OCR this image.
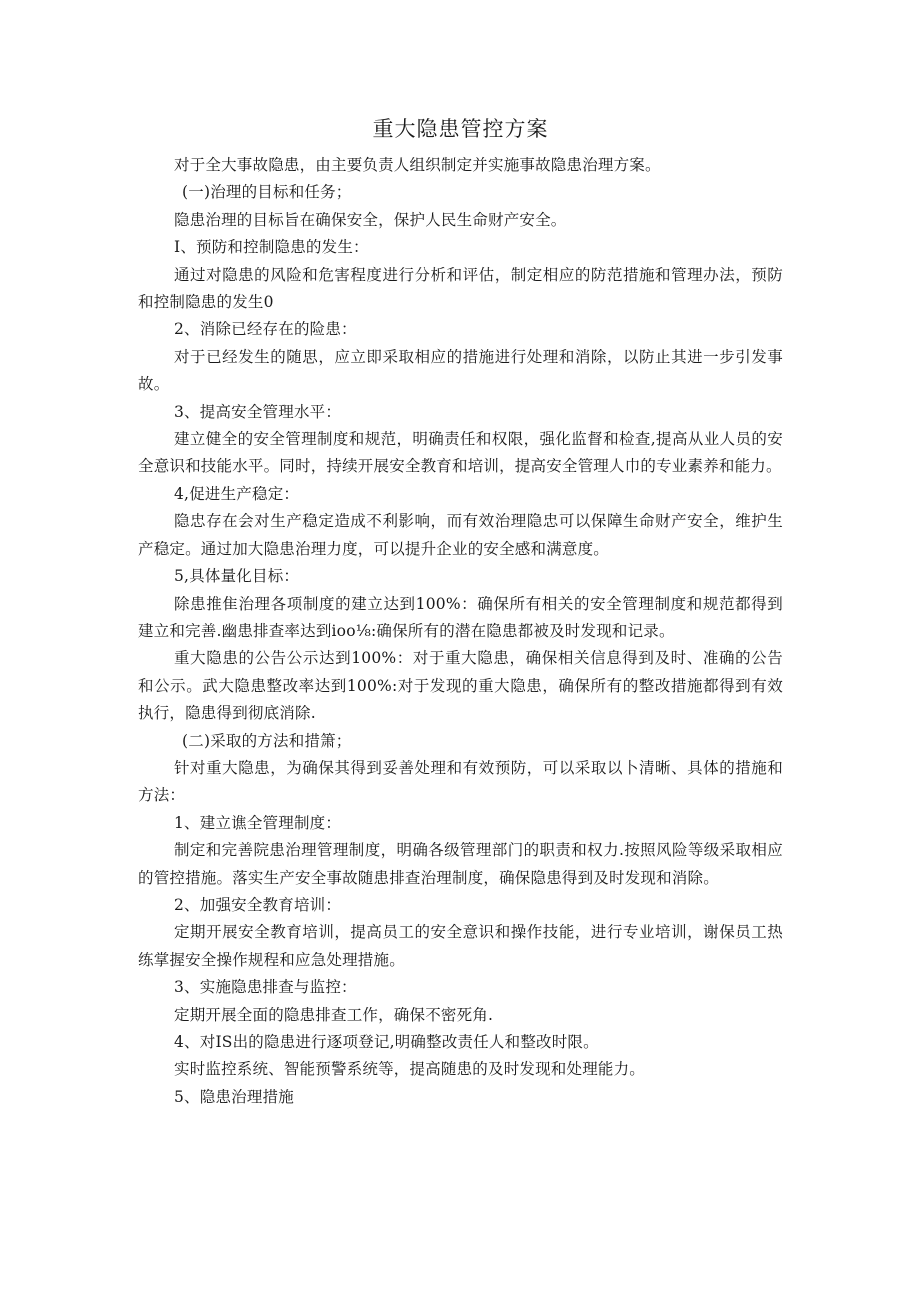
重大隐患管控方案

对于全大事故隐患，由主要负责人组织制定并实施事故隐患治理方案。

(一)治理的目标和任务；

隐患治理的目标旨在确保安全，保护人民生命财产安全。

I、预防和控制隐患的发生：

通过对隐患的风险和危害程度进行分析和评估，制定相应的防范措施和管理办法，预防和控制隐患的发生0

2、消除已经存在的险患：

对于已经发生的随思，应立即采取相应的措施进行处理和消除，以防止其进一步引发事故。

3、提高安全管理水平：

建立健全的安全管理制度和规范，明确责任和权限，强化监督和检查,提高从业人员的安全意识和技能水平。同时，持续开展安全教育和培训，提高安全管理人巾的专业素养和能力。

4,促进生产稳定：

隐忠存在会对生产稳定造成不利影响，而有效治理隐忠可以保障生命财产安全，维护生产稳定。通过加大隐患治理力度，可以提升企业的安全感和满意度。

5,具体量化目标：

除患推隹治理各项制度的建立达到100%：确保所有相关的安全管理制度和规范都得到建立和完善.幽患排查率达到ioo⅛:确保所有的潜在隐患都被及时发现和记录。

重大隐患的公告公示达到100%：对于重大隐患，确保相关信息得到及时、准确的公告和公示。武大隐患整改率达到100%:对于发现的重大隐患，确保所有的整改措施都得到有效执行，隐患得到彻底消除.

(二)采取的方法和措箫；

针对重大隐患，为确保其得到妥善处理和有效预防，可以采取以卜清晰、具体的措施和方法：

1、建立谯全管理制度：

制定和完善院患治理管理制度，明确各级管理部门的职责和权力.按照风险等级采取相应的管控措施。落实生产安全事故随患排查治理制度，确保隐患得到及时发现和消除。

2、加强安全教育培训：

定期开展安全教育培训，提高员工的安全意识和操作技能，进行专业培训，谢保员工热练掌握安全操作规程和应急处理措施。

3、实施隐患排查与监控：

定期开展全面的隐患排查工作，确保不密死角.

4、对IS出的隐患进行逐项登记,明确整改责任人和整改时限。

实时监控系统、智能预警系统等，提高随患的及时发现和处理能力。

5、隐患治理措施
